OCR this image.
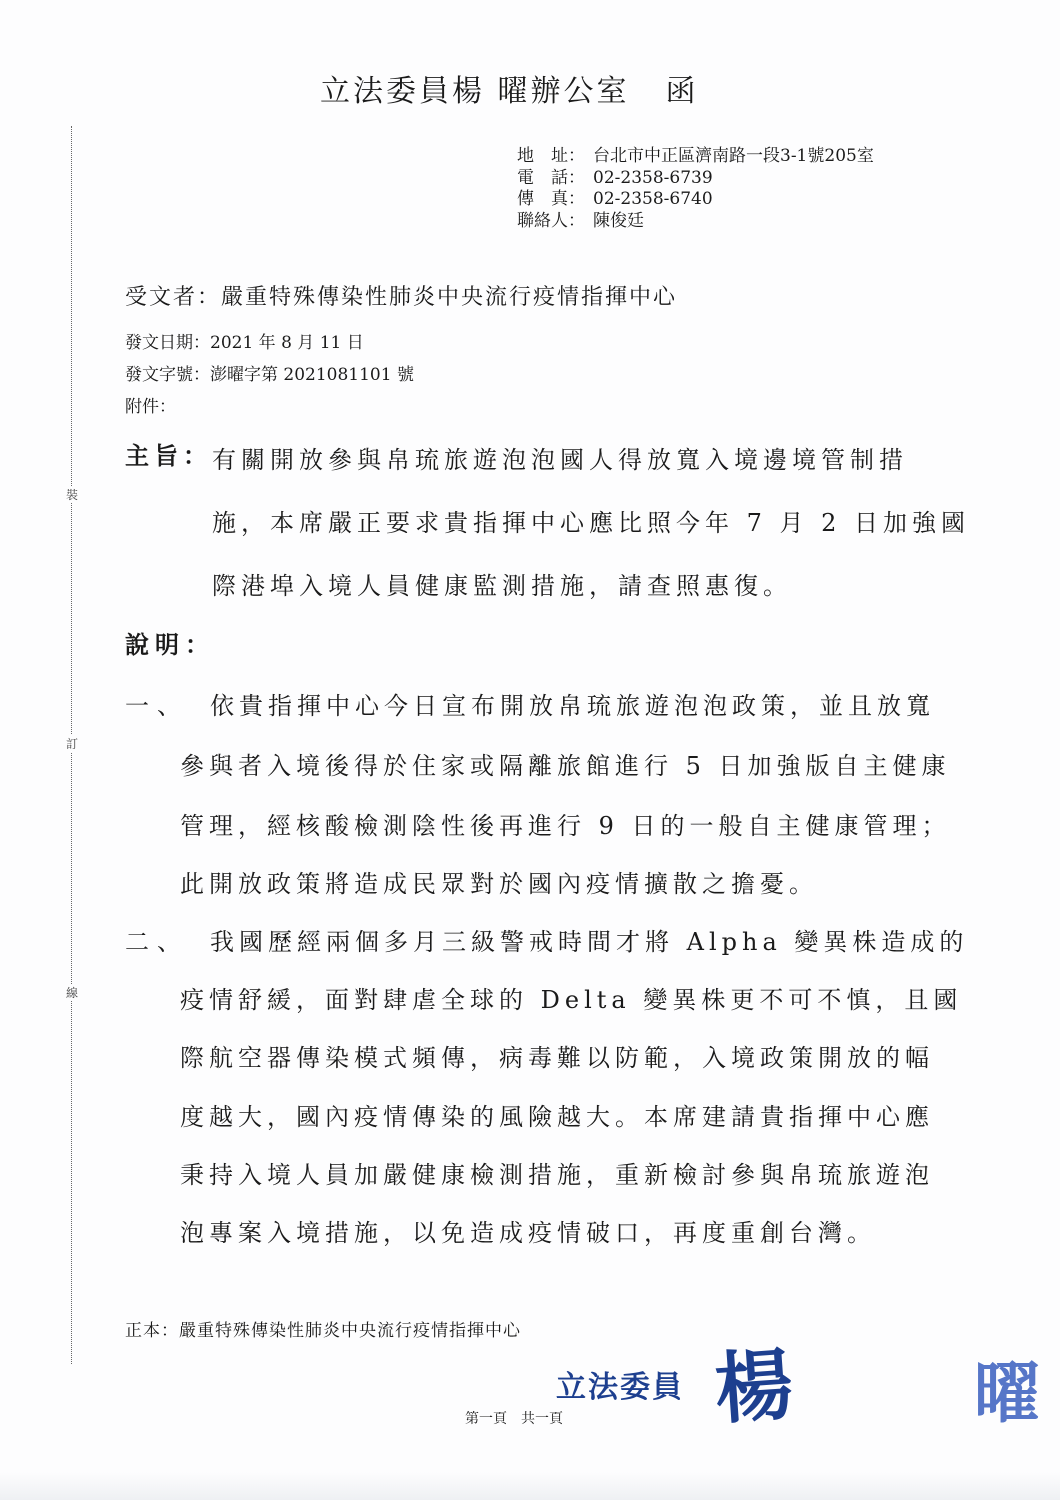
裝
訂
線
立法委員楊 曜辦公室 函
地　址： 台北市中正區濟南路一段3-1號205室
電　話： 02-2358-6739
傳　真： 02-2358-6740
聯絡人： 陳俊廷
受文者：嚴重特殊傳染性肺炎中央流行疫情指揮中心
發文日期：2021 年 8 月 11 日
發文字號：澎曜字第 2021081101 號
附件：
主旨： 有關開放參與帛琉旅遊泡泡國人得放寬入境邊境管制措
施，本席嚴正要求貴指揮中心應比照今年 7 月 2 日加強國
際港埠入境人員健康監測措施，請查照惠復。
說明：
一、 依貴指揮中心今日宣布開放帛琉旅遊泡泡政策，並且放寬
參與者入境後得於住家或隔離旅館進行 5 日加強版自主健康
管理，經核酸檢測陰性後再進行 9 日的一般自主健康管理；
此開放政策將造成民眾對於國內疫情擴散之擔憂。
二、 我國歷經兩個多月三級警戒時間才將 Alpha 變異株造成的
疫情舒緩，面對肆虐全球的 Delta 變異株更不可不慎，且國
際航空器傳染模式頻傳，病毒難以防範，入境政策開放的幅
度越大，國內疫情傳染的風險越大。本席建請貴指揮中心應
秉持入境人員加嚴健康檢測措施，重新檢討參與帛琉旅遊泡
泡專案入境措施，以免造成疫情破口，再度重創台灣。
正本：嚴重特殊傳染性肺炎中央流行疫情指揮中心
立法委員 楊	曜
第一頁　共一頁
